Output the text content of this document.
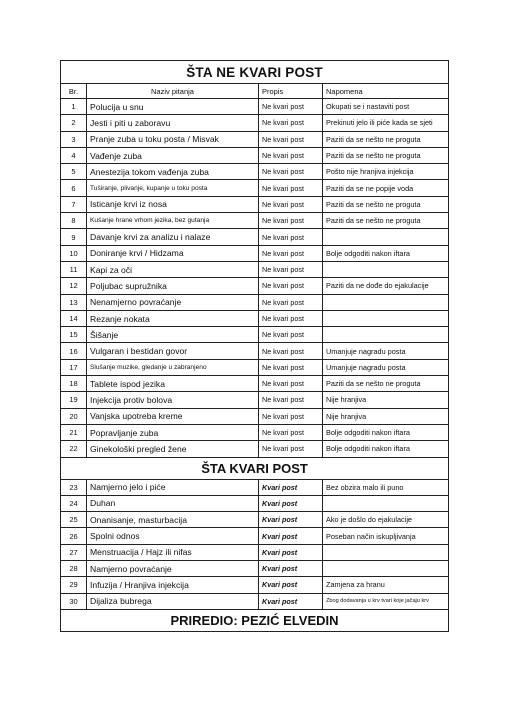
ŠTA NE KVARI POST			
Br.	Naziv pitanja	Propis	Napomena
1	Polucija u snu	Ne kvari post	Okupati se i nastaviti post
2	Jesti i piti u zaboravu	Ne kvari post	Prekinuti jelo ili piće kada se sjeti
3	Pranje zuba u toku posta / Misvak	Ne kvari post	Paziti da se nešto ne proguta
4	Vađenje zuba	Ne kvari post	Paziti da se nešto ne proguta
5	Anestezija tokom vađenja zuba	Ne kvari post	Pošto nije hranjiva injekcija
6	Tuširanje, plivanje, kupanje u toku posta	Ne kvari post	Paziti da se ne popije voda
7	Isticanje krvi iz nosa	Ne kvari post	Paziti da se nešto ne proguta
8	Kušanje hrane vrhom jezika, bez gutanja	Ne kvari post	Paziti da se nešto ne proguta
9	Davanje krvi za analizu i nalaze	Ne kvari post	
10	Doniranje krvi / Hidzama	Ne kvari post	Bolje odgoditi nakon iftara
11	Kapi za oči	Ne kvari post	
12	Poljubac supružnika	Ne kvari post	Paziti da ne dođe do ejakulacije
13	Nenamjerno povraćanje	Ne kvari post	
14	Rezanje nokata	Ne kvari post	
15	Šišanje	Ne kvari post	
16	Vulgaran i bestidan govor	Ne kvari post	Umanjuje nagradu posta
17	Slušanje muzike, gledanje u zabranjeno	Ne kvari post	Umanjuje nagradu posta
18	Tablete ispod jezika	Ne kvari post	Paziti da se nešto ne proguta
19	Injekcija protiv bolova	Ne kvari post	Nije hranjiva
20	Vanjska upotreba kreme	Ne kvari post	Nije hranjiva
21	Popravljanje zuba	Ne kvari post	Bolje odgoditi nakon iftara
22	Ginekološki pregled žene	Ne kvari post	Bolje odgoditi nakon iftara
ŠTA KVARI POST			
23	Namjerno jelo i piće	Kvari post	Bez obzira malo ili puno
24	Duhan	Kvari post	
25	Onanisanje, masturbacija	Kvari post	Ako je došlo do ejakulacije
26	Spolni odnos	Kvari post	Poseban način iskupljivanja
27	Menstruacija / Hajz ili nifas	Kvari post	
28	Namjerno povraćanje	Kvari post	
29	Infuzija / Hranjiva injekcija	Kvari post	Zamjena za hranu
30	Dijaliza bubrega	Kvari post	Zbog dodavanja u krv tvari koje jačaju krv
PRIREDIO: PEZIĆ ELVEDIN			
